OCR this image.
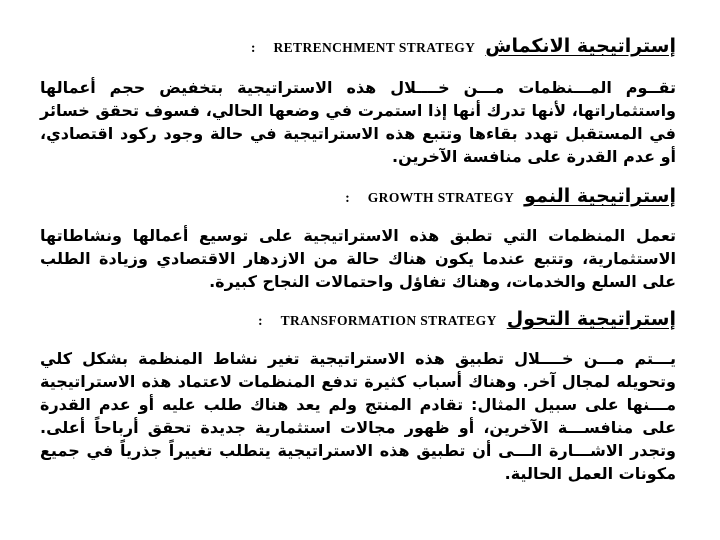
إستراتيجية الانكماش
RETRENCHMENT STRATEGY
:

تقــوم المـــنظمات مـــن خــــلال هذه الاستراتيجية بتخفيض حجم أعمالها واستثماراتها، لأنها تدرك أنها إذا استمرت في وضعها الحالي، فسوف تحقق خسائر في المستقبل تهدد بقاءها وتتبع هذه الاستراتيجية في حالة وجود ركود اقتصادي، أو عدم القدرة على منافسة الآخرين.

إستراتيجية النمو
GROWTH STRATEGY
:

تعمل المنظمات التي تطبق هذه الاستراتيجية على توسيع أعمالها ونشاطاتها الاستثمارية، وتتبع عندما يكون هناك حالة من الازدهار الاقتصادي وزيادة الطلب على السلع والخدمات، وهناك تفاؤل واحتمالات النجاح كبيرة.

إستراتيجية التحول
TRANSFORMATION STRATEGY
:

يـــتم مـــن خــــلال تطبيق هذه الاستراتيجية تغير نشاط المنظمة بشكل كلي وتحويله لمجال آخر. وهناك أسباب كثيرة تدفع المنظمات لاعتماد هذه الاستراتيجية مـــنها على سبيل المثال: تقادم المنتج ولم يعد هناك طلب عليه أو عدم القدرة على منافســـة الآخرين، أو ظهور مجالات استثمارية جديدة تحقق أرباحاً أعلى. وتجدر الاشـــارة الـــى أن تطبيق هذه الاستراتيجية يتطلب تغييراً جذرياً في جميع مكونات العمل الحالية.
